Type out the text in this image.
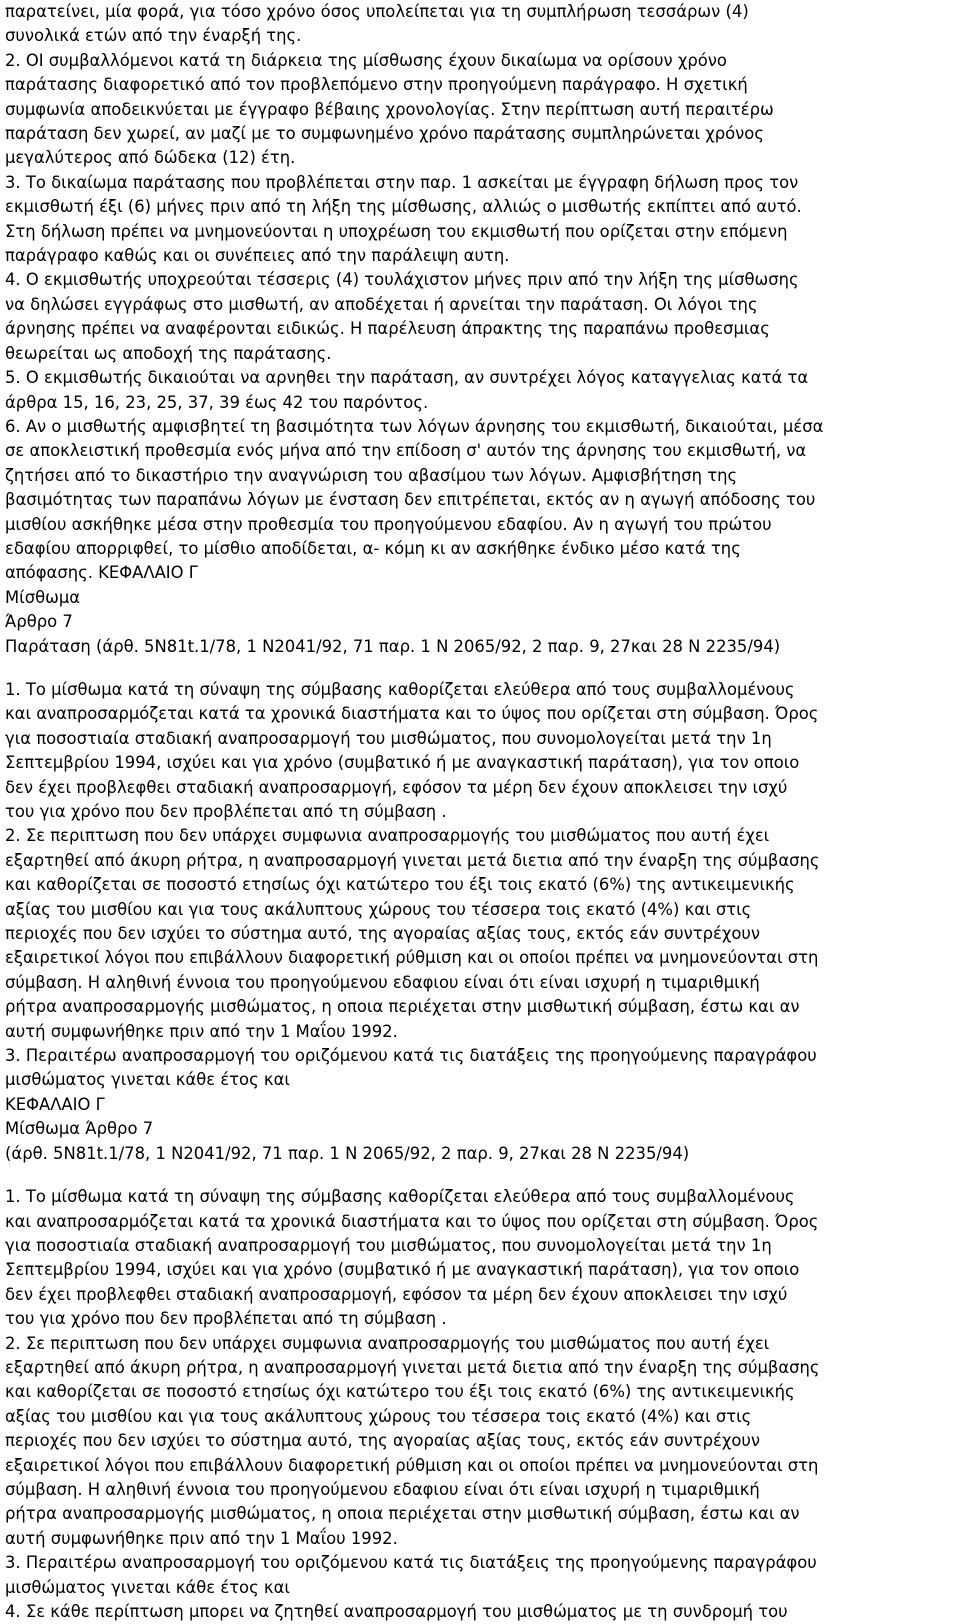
παρατείνει, μία φορά, για τόσο χρόνο όσος υπολείπεται για τη συμπλήρωση τεσσάρων (4)
συνολικά ετών από την έναρξή της.
2. ΟΙ συμβαλλόμενοι κατά τη διάρκεια της μίσθωσης έχουν δικαίωμα να ορίσουν χρόνο
παράτασης διαφορετικό από τον προβλεπόμενο στην προηγούμενη παράγραφο. Η σχετική
συμφωνία αποδεικνύεται με έγγραφο βέβαιης χρονολογίας. Στην περίπτωση αυτή περαιτέρω
παράταση δεν χωρεί, αν μαζί με το συμφωνημένο χρόνο παράτασης συμπληρώνεται χρόνος
μεγαλύτερος από δώδεκα (12) έτη.
3. Το δικαίωμα παράτασης που προβλέπεται στην παρ. 1 ασκείται με έγγραφη δήλωση προς τον
εκμισθωτή έξι (6) μήνες πριν από τη λήξη της μίσθωσης, αλλιώς ο μισθωτής εκπίπτει από αυτό.
Στη δήλωση πρέπει να μνημονεύονται η υποχρέωση του εκμισθωτή που ορίζεται στην επόμενη
παράγραφο καθώς και οι συνέπειες από την παράλειψη αυτη.
4. Ο εκμισθωτής υποχρεούται τέσσερις (4) τουλάχιστον μήνες πριν από την λήξη της μίσθωσης
να δηλώσει εγγράφως στο μισθωτή, αν αποδέχεται ή αρνείται την παράταση. Οι λόγοι της
άρνησης πρέπει να αναφέρονται ειδικώς. Η παρέλευση άπρακτης της παραπάνω προθεσμιας
θεωρείται ως αποδοχή της παράτασης.
5. Ο εκμισθωτής δικαιούται να αρνηθει την παράταση, αν συντρέχει λόγος καταγγελιας κατά τα
άρθρα 15, 16, 23, 25, 37, 39 έως 42 του παρόντος.
6. Αν ο μισθωτής αμφισβητεί τη βασιμότητα των λόγων άρνησης του εκμισθωτή, δικαιούται, μέσα
σε αποκλειστική προθεσμία ενός μήνα από την επίδοση σ' αυτόν της άρνησης του εκμισθωτή, να
ζητήσει από το δικαστήριο την αναγνώριση του αβασίμου των λόγων. Αμφισβήτηση της
βασιμότητας των παραπάνω λόγων με ένσταση δεν επιτρέπεται, εκτός αν η αγωγή απόδοσης του
μισθίου ασκήθηκε μέσα στην προθεσμία του προηγούμενου εδαφίου. Αν η αγωγή του πρώτου
εδαφίου απορριφθεί, το μίσθιο αποδίδεται, α- κόμη κι αν ασκήθηκε ένδικο μέσο κατά της
απόφασης. ΚΕΦΑΛΑΙΟ Γ
Μίσθωμα
Άρθρο 7
Παράταση (άρθ. 5Ν81t.1/78, 1 Ν2041/92, 71 παρ. 1 Ν 2065/92, 2 παρ. 9, 27και 28 Ν 2235/94)
1. Το μίσθωμα κατά τη σύναψη της σύμβασης καθορίζεται ελεύθερα από τους συμβαλλομένους
και αναπροσαρμόζεται κατά τα χρονικά διαστήματα και το ύψος που ορίζεται στη σύμβαση. Όρος
για ποσοστιαία σταδιακή αναπροσαρμογή του μισθώματος, που συνομολογείται μετά την 1η
Σεπτεμβρίου 1994, ισχύει και για χρόνο (συμβατικό ή με αναγκαστική παράταση), για τον οποιο
δεν έχει προβλεφθει σταδιακή αναπροσαρμογή, εφόσον τα μέρη δεν έχουν αποκλεισει την ισχύ
του για χρόνο που δεν προβλέπεται από τη σύμβαση .
2. Σε περιπτωση που δεν υπάρχει συμφωνια αναπροσαρμογής του μισθώματος που αυτή έχει
εξαρτηθεί από άκυρη ρήτρα, η αναπροσαρμογή γινεται μετά διετια από την έναρξη της σύμβασης
και καθορίζεται σε ποσοστό ετησίως όχι κατώτερο του έξι τοις εκατό (6%) της αντικειμενικής
αξίας του μισθίου και για τους ακάλυπτους χώρους του τέσσερα τοις εκατό (4%) και στις
περιοχές που δεν ισχύει το σύστημα αυτό, της αγοραίας αξίας τους, εκτός εάν συντρέχουν
εξαιρετικοί λόγοι που επιβάλλουν διαφορετική ρύθμιση και οι οποίοι πρέπει να μνημονεύονται στη
σύμβαση. Η αληθινή έννοια του προηγούμενου εδαφιου είναι ότι είναι ισχυρή η τιμαριθμική
ρήτρα αναπροσαρμογής μισθώματος, η οποια περιέχεται στην μισθωτική σύμβαση, έστω και αν
αυτή συμφωνήθηκε πριν από την 1 Μαΐου 1992.
3. Περαιτέρω αναπροσαρμογή του οριζόμενου κατά τις διατάξεις της προηγούμενης παραγράφου
μισθώματος γινεται κάθε έτος και
ΚΕΦΑΛΑΙΟ Γ
Μίσθωμα Άρθρο 7
(άρθ. 5Ν81t.1/78, 1 Ν2041/92, 71 παρ. 1 Ν 2065/92, 2 παρ. 9, 27και 28 Ν 2235/94)
1. Το μίσθωμα κατά τη σύναψη της σύμβασης καθορίζεται ελεύθερα από τους συμβαλλομένους
και αναπροσαρμόζεται κατά τα χρονικά διαστήματα και το ύψος που ορίζεται στη σύμβαση. Όρος
για ποσοστιαία σταδιακή αναπροσαρμογή του μισθώματος, που συνομολογείται μετά την 1η
Σεπτεμβρίου 1994, ισχύει και για χρόνο (συμβατικό ή με αναγκαστική παράταση), για τον οποιο
δεν έχει προβλεφθει σταδιακή αναπροσαρμογή, εφόσον τα μέρη δεν έχουν αποκλεισει την ισχύ
του για χρόνο που δεν προβλέπεται από τη σύμβαση .
2. Σε περιπτωση που δεν υπάρχει συμφωνια αναπροσαρμογής του μισθώματος που αυτή έχει
εξαρτηθεί από άκυρη ρήτρα, η αναπροσαρμογή γινεται μετά διετια από την έναρξη της σύμβασης
και καθορίζεται σε ποσοστό ετησίως όχι κατώτερο του έξι τοις εκατό (6%) της αντικειμενικής
αξίας του μισθίου και για τους ακάλυπτους χώρους του τέσσερα τοις εκατό (4%) και στις
περιοχές που δεν ισχύει το σύστημα αυτό, της αγοραίας αξίας τους, εκτός εάν συντρέχουν
εξαιρετικοί λόγοι που επιβάλλουν διαφορετική ρύθμιση και οι οποίοι πρέπει να μνημονεύονται στη
σύμβαση. Η αληθινή έννοια του προηγούμενου εδαφιου είναι ότι είναι ισχυρή η τιμαριθμική
ρήτρα αναπροσαρμογής μισθώματος, η οποια περιέχεται στην μισθωτική σύμβαση, έστω και αν
αυτή συμφωνήθηκε πριν από την 1 Μαΐου 1992.
3. Περαιτέρω αναπροσαρμογή του οριζόμενου κατά τις διατάξεις της προηγούμενης παραγράφου
μισθώματος γινεται κάθε έτος και
4. Σε κάθε περίπτωση μπορει να ζητηθεί αναπροσαρμογή του μισθώματος με τη συνδρομή του
